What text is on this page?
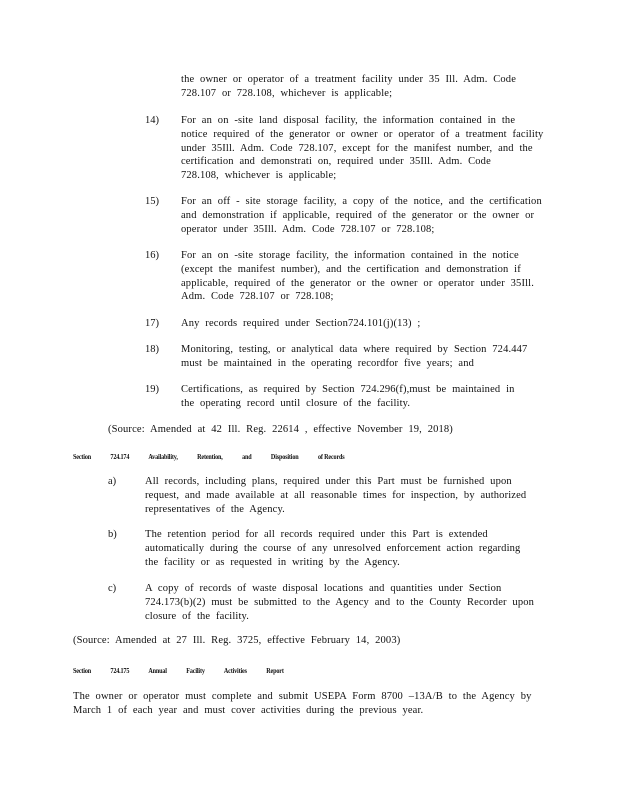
the owner or operator of a treatment facility under 35 Ill. Adm. Code
728.107 or 728.108, whichever is applicable;
14) For an on -site land disposal facility, the information contained in the
notice required of the generator or owner or operator of a treatment facility
under 35Ill. Adm. Code 728.107, except for the manifest number, and the
certification and demonstrati on, required under 35Ill. Adm. Code
728.108, whichever is applicable;
15) For an off - site storage facility, a copy of the notice, and the certification
and demonstration if applicable, required of the generator or the owner or
operator under 35Ill. Adm. Code 728.107 or 728.108;
16) For an on -site storage facility, the information contained in the notice
(except the manifest number), and the certification and demonstration if
applicable, required of the generator or the owner or operator under 35Ill.
Adm. Code 728.107 or 728.108;
17) Any records required under Section724.101(j)(13) ;
18) Monitoring, testing, or analytical data where required by Section 724.447
must be maintained in the operating recordfor five years; and
19) Certifications, as required by Section 724.296(f),must be maintained in
the operating record until closure of the facility.
(Source: Amended at 42 Ill. Reg. 22614 , effective November 19, 2018)
Section	724.174	Availability,	Retention,	and	Disposition	of Records
a)	All records, including plans, required under this Part must be furnished upon
request, and made available at all reasonable times for inspection, by authorized
representatives of the Agency.
b)	The retention period for all records required under this Part is extended
automatically during the course of any unresolved enforcement action regarding
the facility or as requested in writing by the Agency.
c)	A copy of records of waste disposal locations and quantities under Section
724.173(b)(2) must be submitted to the Agency and to the County Recorder upon
closure of the facility.
(Source: Amended at 27 Ill. Reg. 3725, effective February 14, 2003)
Section	724.175	Annual	Facility	Activities	Report
The owner or operator must complete and submit USEPA Form 8700 –13A/B to the Agency by
March 1 of each year and must cover activities during the previous year.
